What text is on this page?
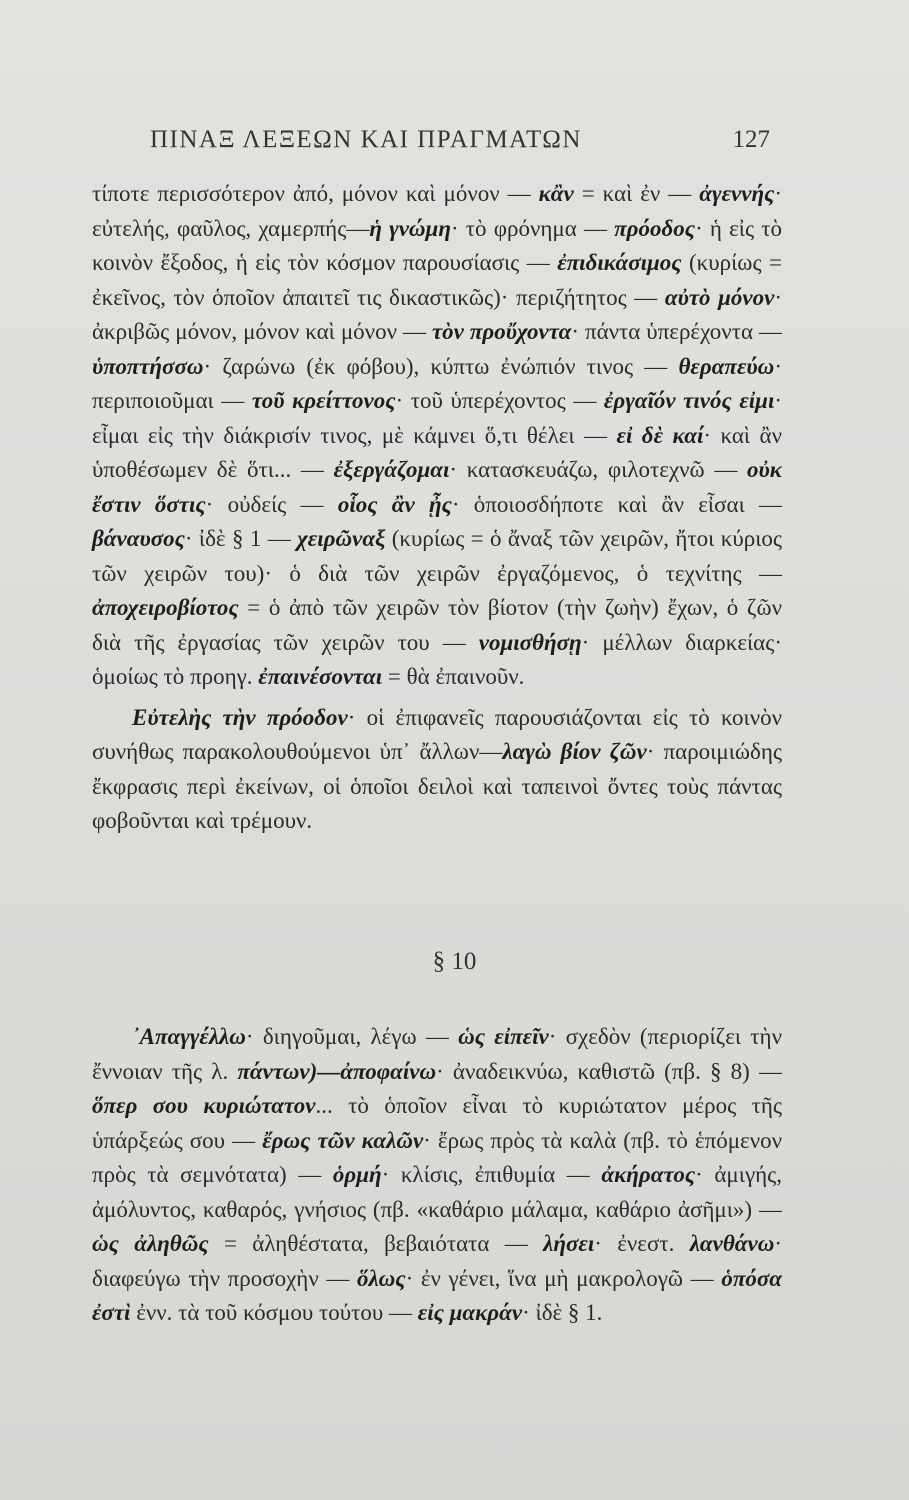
ΠΙΝΑΞ ΛΕΞΕΩΝ ΚΑΙ ΠΡΑΓΜΑΤΩΝ	127

τίποτε περισσότερον ἀπό, μόνον καὶ μόνον — κἂν = καὶ ἐν — ἀγεννής· εὐτελής, φαῦλος, χαμερπής—ἡ γνώμη· τὸ φρόνημα — πρόοδος· ἡ εἰς τὸ κοινὸν ἔξοδος, ἡ εἰς τὸν κόσμον παρουσίασις — ἐπιδικάσιμος (κυρίως = ἐκεῖνος, τὸν ὁποῖον ἀπαιτεῖ τις δικαστικῶς)· περιζήτητος — αὐτὸ μόνον· ἀκριβῶς μόνον, μόνον καὶ μόνον — τὸν προὔχοντα· πάντα ὑπερέχοντα — ὑποπτήσσω· ζαρώνω (ἐκ φόβου), κύπτω ἐνώπιόν τινος — θεραπεύω· περιποιοῦμαι — τοῦ κρείττονος· τοῦ ὑπερέχοντος — ἐργαῖόν τινός εἰμι· εἶμαι εἰς τὴν διάκρισίν τινος, μὲ κάμνει ὅ,τι θέλει — εἰ δὲ καί· καὶ ἂν ὑποθέσωμεν δὲ ὅτι... — ἐξεργάζομαι· κατασκευάζω, φιλοτεχνῶ — οὐκ ἔστιν ὅστις· οὐδείς — οἷος ἂν ᾖς· ὁποιοσδήποτε καὶ ἂν εἶσαι — βάναυσος· ἰδὲ § 1 — χειρῶναξ (κυρίως = ὁ ἄναξ τῶν χειρῶν, ἤτοι κύριος τῶν χειρῶν του)· ὁ διὰ τῶν χειρῶν ἐργαζόμενος, ὁ τεχνίτης — ἀποχειροβίοτος = ὁ ἀπὸ τῶν χειρῶν τὸν βίοτον (τὴν ζωὴν) ἔχων, ὁ ζῶν διὰ τῆς ἐργασίας τῶν χειρῶν του — νομισθήσῃ· μέλλων διαρκείας· ὁμοίως τὸ προηγ. ἐπαινέσονται = θὰ ἐπαινοῦν.

Εὐτελὴς τὴν πρόοδον· οἱ ἐπιφανεῖς παρουσιάζονται εἰς τὸ κοινὸν συνήθως παρακολουθούμενοι ὑπ᾽ ἄλλων—λαγὼ βίον ζῶν· παροιμιώδης ἔκφρασις περὶ ἐκείνων, οἱ ὁποῖοι δειλοὶ καὶ ταπεινοὶ ὄντες τοὺς πάντας φοβοῦνται καὶ τρέμουν.

§ 10

᾽Απαγγέλλω· διηγοῦμαι, λέγω — ὡς εἰπεῖν· σχεδὸν (περιορίζει τὴν ἔννοιαν τῆς λ. πάντων)—ἀποφαίνω· ἀναδεικνύω, καθιστῶ (πβ. § 8) — ὅπερ σου κυριώτατον... τὸ ὁποῖον εἶναι τὸ κυριώτατον μέρος τῆς ὑπάρξεώς σου — ἔρως τῶν καλῶν· ἔρως πρὸς τὰ καλὰ (πβ. τὸ ἑπόμενον πρὸς τὰ σεμνότατα) — ὁρμή· κλίσις, ἐπιθυμία — ἀκήρατος· ἀμιγής, ἀμόλυντος, καθαρός, γνήσιος (πβ. «καθάριο μάλαμα, καθάριο ἀσῆμι») — ὡς ἀληθῶς = ἀληθέστατα, βεβαιότατα — λήσει· ἐνεστ. λανθάνω· διαφεύγω τὴν προσοχὴν — ὅλως· ἐν γένει, ἵνα μὴ μακρολογῶ — ὁπόσα ἐστὶ ἐνν. τὰ τοῦ κόσμου τούτου — εἰς μακράν· ἰδὲ § 1.
